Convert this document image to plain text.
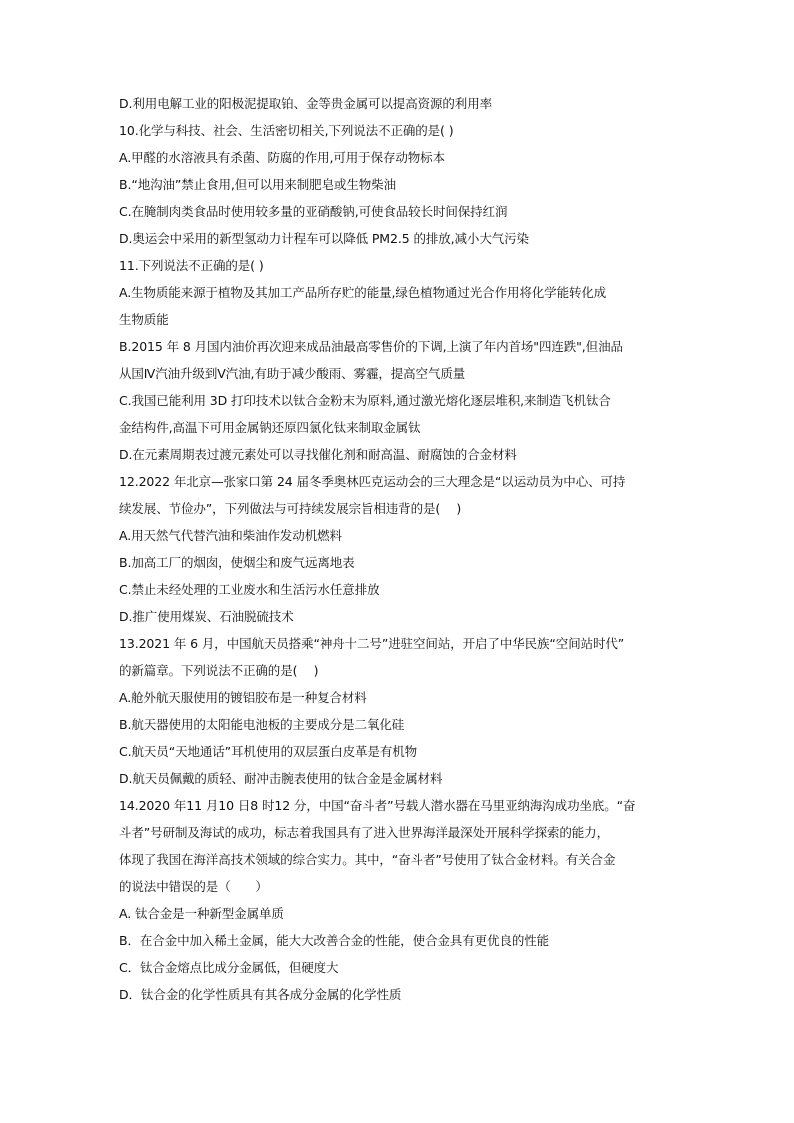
D.利用电解工业的阳极泥提取铂、金等贵金属可以提高资源的利用率
10.化学与科技、社会、生活密切相关,下列说法不正确的是( )
A.甲醛的水溶液具有杀菌、防腐的作用,可用于保存动物标本
B.“地沟油”禁止食用,但可以用来制肥皂或生物柴油
C.在腌制肉类食品时使用较多量的亚硝酸钠,可使食品较长时间保持红润
D.奥运会中采用的新型氢动力计程车可以降低 PM2.5 的排放,减小大气污染
11.下列说法不正确的是( )
A.生物质能来源于植物及其加工产品所存贮的能量,绿色植物通过光合作用将化学能转化成
生物质能
B.2015 年 8 月国内油价再次迎来成品油最高零售价的下调,上演了年内首场"四连跌",但油品
从国Ⅳ汽油升级到Ⅴ汽油,有助于减少酸雨、雾霾，提高空气质量
C.我国已能利用 3D 打印技术以钛合金粉末为原料,通过激光熔化逐层堆积,来制造飞机钛合
金结构件,高温下可用金属钠还原四氯化钛来制取金属钛
D.在元素周期表过渡元素处可以寻找催化剂和耐高温、耐腐蚀的合金材料
12.2022 年北京—张家口第 24 届冬季奥林匹克运动会的三大理念是“以运动员为中心、可持
续发展、节俭办”，下列做法与可持续发展宗旨相违背的是(　 )
A.用天然气代替汽油和柴油作发动机燃料
B.加高工厂的烟囱，使烟尘和废气远离地表
C.禁止未经处理的工业废水和生活污水任意排放
D.推广使用煤炭、石油脱硫技术
13.2021 年 6 月，中国航天员搭乘“神舟十二号”进驻空间站，开启了中华民族“空间站时代”
的新篇章。下列说法不正确的是(　 )
A.舱外航天服使用的镀铝胶布是一种复合材料
B.航天器使用的太阳能电池板的主要成分是二氧化硅
C.航天员“天地通话”耳机使用的双层蛋白皮革是有机物
D.航天员佩戴的质轻、耐冲击腕表使用的钛合金是金属材料
14.2020 年11 月10 日8 时12 分，中国“奋斗者”号载人潜水器在马里亚纳海沟成功坐底。“奋
斗者”号研制及海试的成功，标志着我国具有了进入世界海洋最深处开展科学探索的能力，
体现了我国在海洋高技术领域的综合实力。其中，“奋斗者”号使用了钛合金材料。有关合金
的说法中错误的是（　　）
A. 钛合金是一种新型金属单质
B．在合金中加入稀土金属，能大大改善合金的性能，使合金具有更优良的性能
C．钛合金熔点比成分金属低，但硬度大
D．钛合金的化学性质具有其各成分金属的化学性质
